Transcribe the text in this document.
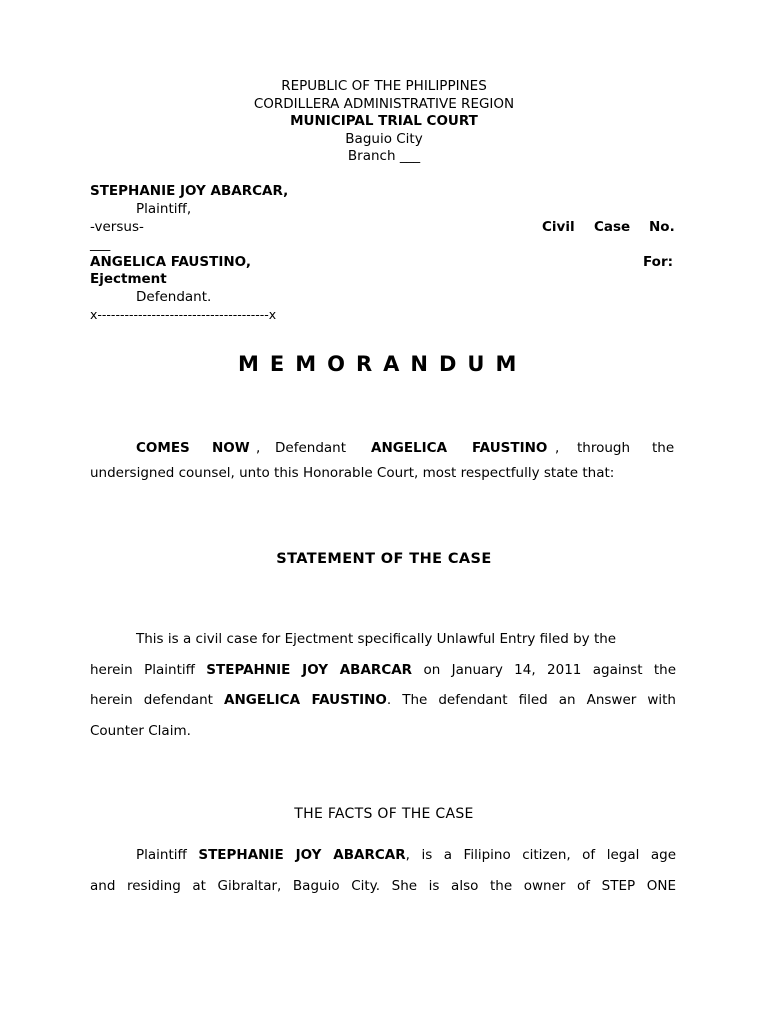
REPUBLIC OF THE PHILIPPINES
CORDILLERA ADMINISTRATIVE REGION
MUNICIPAL TRIAL COURT
Baguio City
Branch ___
STEPHANIE JOY ABARCAR,
Plaintiff,
-versus-	Civil Case No.
___
ANGELICA FAUSTINO,	For:
Ejectment
Defendant.
x--------------------------------------x
MEMORANDUM
COMES NOW , Defendant ANGELICA FAUSTINO , through the
undersigned counsel, unto this Honorable Court, most respectfully state that:
STATEMENT OF THE CASE
This is a civil case for Ejectment specifically Unlawful Entry filed by the
herein Plaintiff STEPAHNIE JOY ABARCAR on January 14, 2011 against the
herein defendant ANGELICA FAUSTINO. The defendant filed an Answer with
Counter Claim.
THE FACTS OF THE CASE
Plaintiff STEPHANIE JOY ABARCAR, is a Filipino citizen, of legal age
and residing at Gibraltar, Baguio City. She is also the owner of STEP ONE
